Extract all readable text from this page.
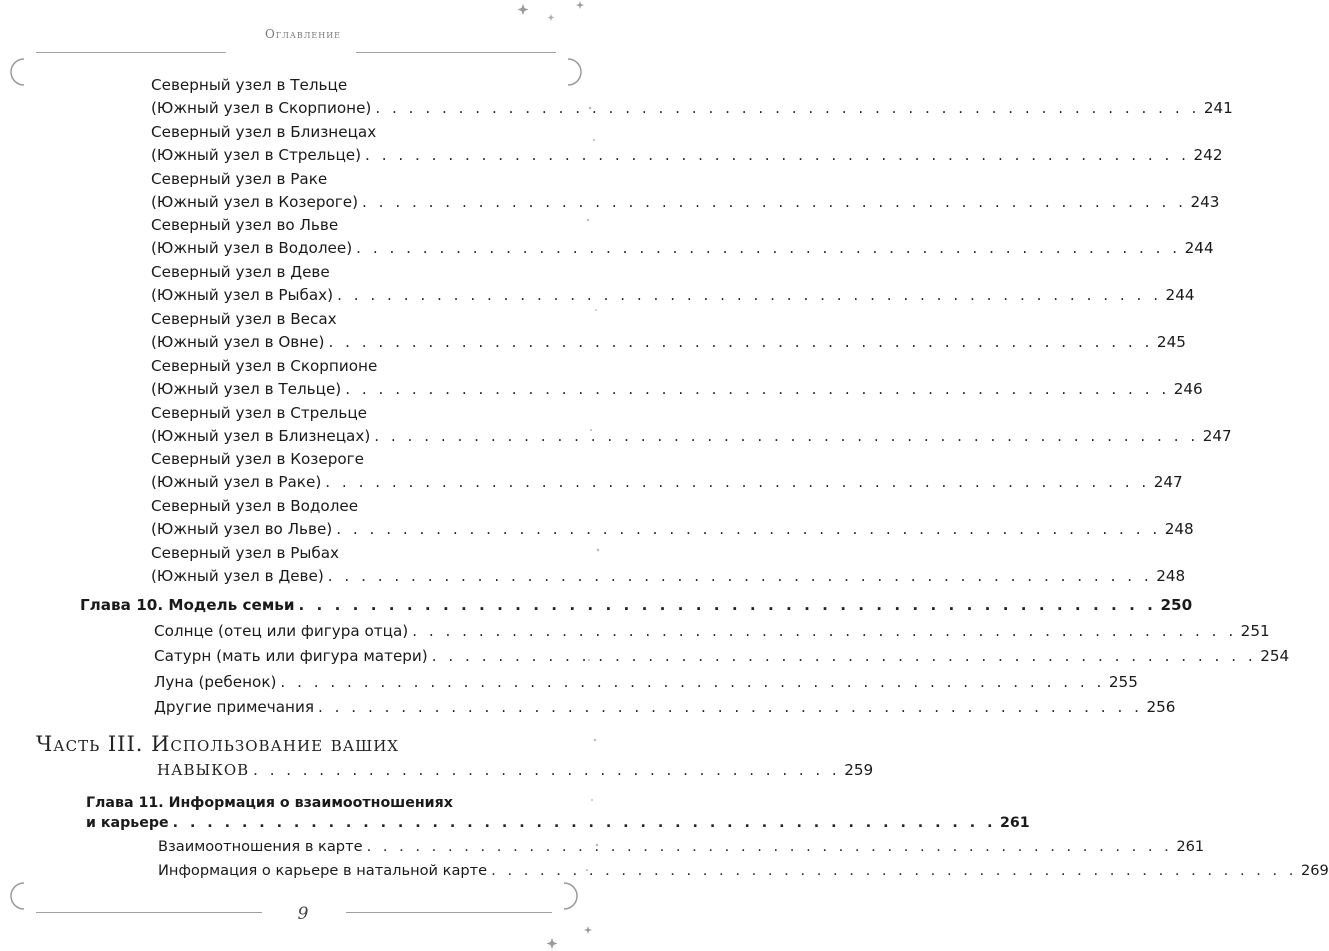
Оглавление
9
Северный узел в Тельце
(Южный узел в Скорпионе) . . . . . . . . . . . . . . . . . . . . . . . . . . . . . . . . . . . . . . . . . . . . . . . . . . 241
Северный узел в Близнецах
(Южный узел в Стрельце) . . . . . . . . . . . . . . . . . . . . . . . . . . . . . . . . . . . . . . . . . . . . . . . . . . 242
Северный узел в Раке
(Южный узел в Козероге) . . . . . . . . . . . . . . . . . . . . . . . . . . . . . . . . . . . . . . . . . . . . . . . . . . 243
Северный узел во Льве
(Южный узел в Водолее) . . . . . . . . . . . . . . . . . . . . . . . . . . . . . . . . . . . . . . . . . . . . . . . . . . 244
Северный узел в Деве
(Южный узел в Рыбах) . . . . . . . . . . . . . . . . . . . . . . . . . . . . . . . . . . . . . . . . . . . . . . . . . . 244
Северный узел в Весах
(Южный узел в Овне) . . . . . . . . . . . . . . . . . . . . . . . . . . . . . . . . . . . . . . . . . . . . . . . . . . 245
Северный узел в Скорпионе
(Южный узел в Тельце) . . . . . . . . . . . . . . . . . . . . . . . . . . . . . . . . . . . . . . . . . . . . . . . . . . 246
Северный узел в Стрельце
(Южный узел в Близнецах) . . . . . . . . . . . . . . . . . . . . . . . . . . . . . . . . . . . . . . . . . . . . . . . . . . 247
Северный узел в Козероге
(Южный узел в Раке) . . . . . . . . . . . . . . . . . . . . . . . . . . . . . . . . . . . . . . . . . . . . . . . . . . 247
Северный узел в Водолее
(Южный узел во Льве) . . . . . . . . . . . . . . . . . . . . . . . . . . . . . . . . . . . . . . . . . . . . . . . . . . 248
Северный узел в Рыбах
(Южный узел в Деве) . . . . . . . . . . . . . . . . . . . . . . . . . . . . . . . . . . . . . . . . . . . . . . . . . . 248
Глава 10. Модель семьи . . . . . . . . . . . . . . . . . . . . . . . . . . . . . . . . . . . . . . . . . . . . . . . . 250
Солнце (отец или фигура отца) . . . . . . . . . . . . . . . . . . . . . . . . . . . . . . . . . . . . . . . . . . . . . . . . . . 251
Сатурн (мать или фигура матери) . . . . . . . . . . . . . . . . . . . . . . . . . . . . . . . . . . . . . . . . . . . . . . . . . . 254
Луна (ребенок) . . . . . . . . . . . . . . . . . . . . . . . . . . . . . . . . . . . . . . . . . . . . . . . . . . 255
Другие примечания . . . . . . . . . . . . . . . . . . . . . . . . . . . . . . . . . . . . . . . . . . . . . . . . . . 256
Часть III. Использование ваших
навыков . . . . . . . . . . . . . . . . . . . . . . . . . . . . . . . . . . . . 259
Глава 11. Информация о взаимоотношениях
и карьере . . . . . . . . . . . . . . . . . . . . . . . . . . . . . . . . . . . . . . . . . . . . . . . . 261
Взаимоотношения в карте . . . . . . . . . . . . . . . . . . . . . . . . . . . . . . . . . . . . . . . . . . . . . . . . . . 261
Информация о карьере в натальной карте . . . . . . . . . . . . . . . . . . . . . . . . . . . . . . . . . . . . . . . . . . . . . . . . . . 269
